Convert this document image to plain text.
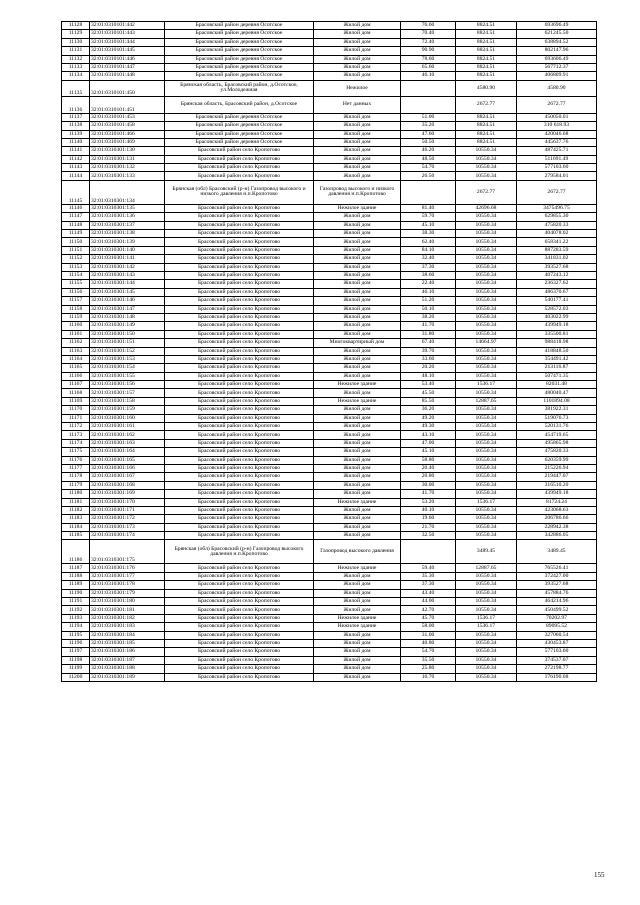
11128	32:01:0310101:442	Брасовский район деревня Осотское	Жилой дом	76.60	8824.51	693696.49
11129	32:01:0310101:443	Брасовский район деревня Осотское	Жилой дом	70.40	8824.51	621245.50
11130	32:01:0310101:444	Брасовский район деревня Осотское	Жилой дом	72.40	8824.51	638894.52
11131	32:01:0310101:445	Брасовский район деревня Осотское	Жилой дом	90.90	8824.51	802147.96
11132	32:01:0310101:446	Брасовский район деревня Осотское	Жилой дом	78.60	8824.51	693606.49
11133	32:01:0310101:447	Брасовский район деревня Осотское	Жилой дом	65.60	8824.51	567712.37
11134	32:01:0310101:448	Брасовский район деревня Осотское	Жилой дом	46.10	8824.51	406809.91
11135	32:01:0310101:450	Брянская область, Брасовский район, д.Осотское, ул.Молодежная	Нежилое		4580.90	4580.90
11136	32:01:0310101:451	Брянская область, Брасовский район, д.Осотское	Нет данных		2672.77	2672.77
11137	32:01:0310101:453	Брасовский район деревня Осотское	Жилой дом	51.00	8824.51	450050.01
11138	32:01:0310101:458	Брасовский район деревня Осотское	Жилой дом	35.20	8824.51	310 618.93
11139	32:01:0310101:466	Брасовский район деревня Осотское	Жилой дом	47.60	8824.51	420046.68
11140	32:01:0310101:469	Брасовский район деревня Осотское	Жилой дом	50.50	8824.51	445637.76
11141	32:01:0310301:130	Брасовский район село Кропотово	Жилой дом	46.20	10550.34	487425.71
11142	32:01:0310301:131	Брасовский район село Кропотово	Жилой дом	48.50	10550.34	511691.49
11143	32:01:0310301:132	Брасовский район село Кропотово	Жилой дом	54.70	10550.34	577103.60
11144	32:01:0310301:133	Брасовский район село Кропотово	Жилой дом	26.50	10550.34	279584.01
11145	32:01:0310301:134	Брянская (обл) Брасовский (р-н) Газопровод высокого и низкого давления н.п.Кропотово	Газопровод высокого и низкого давления н.п.Кропотово		2672.77	2672.77
11146	32:01:0310301:135	Брасовский район село Кропотово	Нежилое здание	81.40	42696.68	3475496.75
11147	32:01:0310301:136	Брасовский район село Кропотово	Жилой дом	59.70	10550.34	629855.30
11148	32:01:0310301:137	Брасовский район село Кропотово	Жилой дом	45.10	10550.34	475820.33
11149	32:01:0310301:138	Брасовский район село Кропотово	Жилой дом	38.30	10550.34	404078.02
11150	32:01:0310301:139	Брасовский район село Кропотово	Жилой дом	62.40	10550.34	658341.22
11151	32:01:0310301:140	Брасовский район село Кропотово	Жилой дом	84.10	10550.34	887283.59
11152	32:01:0310301:141	Брасовский район село Кропотово	Жилой дом	32.40	10550.34	341831.02
11153	32:01:0310301:142	Брасовский район село Кропотово	Жилой дом	37.30	10550.34	393527.68
11154	32:01:0310301:143	Брасовский район село Кропотово	Жилой дом	38.60	10550.34	407243.12
11155	32:01:0310301:144	Брасовский район село Кропотово	Жилой дом	22.40	10550.34	236327.62
11156	32:01:0310301:145	Брасовский район село Кропотово	Жилой дом	46.10	10550.34	486370.67
11157	32:01:0310301:146	Брасовский район село Кропотово	Жилой дом	51.20	10550.34	540177.41
11158	32:01:0310301:147	Брасовский район село Кропотово	Жилой дом	50.10	10550.34	528572.03
11159	32:01:0310301:148	Брасовский район село Кропотово	Жилой дом	38.20	10550.34	403022.99
11160	32:01:0310301:149	Брасовский район село Кропотово	Жилой дом	41.70	10550.34	439949.18
11161	32:01:0310301:150	Брасовский район село Кропотово	Жилой дом	31.80	10550.34	335500.81
11162	32:01:0310301:151	Брасовский район село Кропотово	Многоквартирный дом	67.40	14664.97	988418.98
11163	32:01:0310301:152	Брасовский район село Кропотово	Жилой дом	39.70	10550.34	418848.50
11164	32:01:0310301:153	Брасовский район село Кропотово	Жилой дом	33.60	10550.34	354491.42
11165	32:01:0310301:154	Брасовский район село Кропотово	Жилой дом	20.20	10550.34	213116.87
11166	32:01:0310301:155	Брасовский район село Кропотово	Жилой дом	48.10	10550.34	507471.35
11167	32:01:0310301:156	Брасовский район село Кропотово	Нежилое здание	53.40	1536.17	82031.48
11168	32:01:0310301:157	Брасовский район село Кропотово	Жилой дом	45.50	10550.34	480040.47
11169	32:01:0310301:158	Брасовский район село Кропотово	Нежилое здание	85.50	12887.65	1101894.08
11170	32:01:0310301:159	Брасовский район село Кропотово	Жилой дом	36.20	10550.34	381922.31
11171	32:01:0310301:160	Брасовский район село Кропотово	Жилой дом	49.20	10550.34	519076.73
11172	32:01:0310301:161	Брасовский район село Кропотово	Жилой дом	49.30	10550.34	520131.76
11173	32:01:0310301:162	Брасовский район село Кропотово	Жилой дом	43.10	10550.34	454719.65
11174	32:01:0310301:163	Брасовский район село Кропотово	Жилой дом	47.00	10550.34	495865.98
11175	32:01:0310301:164	Брасовский район село Кропотово	Жилой дом	45.10	10550.34	475820.33
11176	32:01:0310301:165	Брасовский район село Кропотово	Жилой дом	58.80	10550.34	620359.99
11177	32:01:0310301:166	Брасовский район село Кропотово	Жилой дом	20.40	10550.34	215226.94
11178	32:01:0310301:167	Брасовский район село Кропотово	Жилой дом	20.80	10550.34	219447.07
11179	32:01:0310301:168	Брасовский район село Кропотово	Жилой дом	30.00	10550.34	316510.20
11180	32:01:0310301:169	Брасовский район село Кропотово	Жилой дом	41.70	10550.34	439949.18
11181	32:01:0310301:170	Брасовский район село Кропотово	Нежилое здание	53.20	1536.17	81724.24
11182	32:01:0310301:171	Брасовский район село Кропотово	Жилой дом	40.10	10550.34	423068.63
11183	32:01:0310301:172	Брасовский район село Кропотово	Жилой дом	19.60	10550.34	206786.66
11184	32:01:0310301:173	Брасовский район село Кропотово	Жилой дом	21.70	10550.34	228942.38
11185	32:01:0310301:174	Брасовский район село Кропотово	Жилой дом	32.50	10550.34	342886.05
11186	32:01:0310301:175	Брянская (обл) Брасовский (р-н) Газопровод высокого давления н.п.Кропотово	Газопровод высокого давления		3489.45	3489.45
11187	32:01:0310301:176	Брасовский район село Кропотово	Нежилое здание	59.40	12887.65	765526.41
11188	32:01:0310301:177	Брасовский район село Кропотово	Жилой дом	35.30	10550.34	372427.00
11189	32:01:0310301:178	Брасовский район село Кропотово	Жилой дом	37.30	10550.34	393527.68
11190	32:01:0310301:179	Брасовский район село Кропотово	Жилой дом	43.40	10550.34	457884.76
11191	32:01:0310301:180	Брасовский район село Кропотово	Жилой дом	44.00	10550.34	464214.96
11192	32:01:0310301:181	Брасовский район село Кропотово	Жилой дом	42.70	10550.34	450499.52
11193	32:01:0310301:182	Брасовский район село Кропотово	Нежилое здание	45.70	1536.17	70202.97
11194	32:01:0310301:183	Брасовский район село Кропотово	Нежилое здание	58.00	1536.17	89095.52
11195	32:01:0310301:184	Брасовский район село Кропотово	Жилой дом	31.00	10550.34	327060.54
11196	32:01:0310301:185	Брасовский район село Кропотово	Жилой дом	40.80	10550.34	430453.87
11197	32:01:0310301:186	Брасовский район село Кропотово	Жилой дом	54.70	10550.34	577103.60
11198	32:01:0310301:187	Брасовский район село Кропотово	Жилой дом	35.50	10550.34	374537.07
11199	32:01:0310301:188	Брасовский район село Кропотово	Жилой дом	25.80	10550.34	272198.77
11200	32:01:0310301:189	Брасовский район село Кропотово	Жилой дом	16.70	10550.34	176190.68
155
